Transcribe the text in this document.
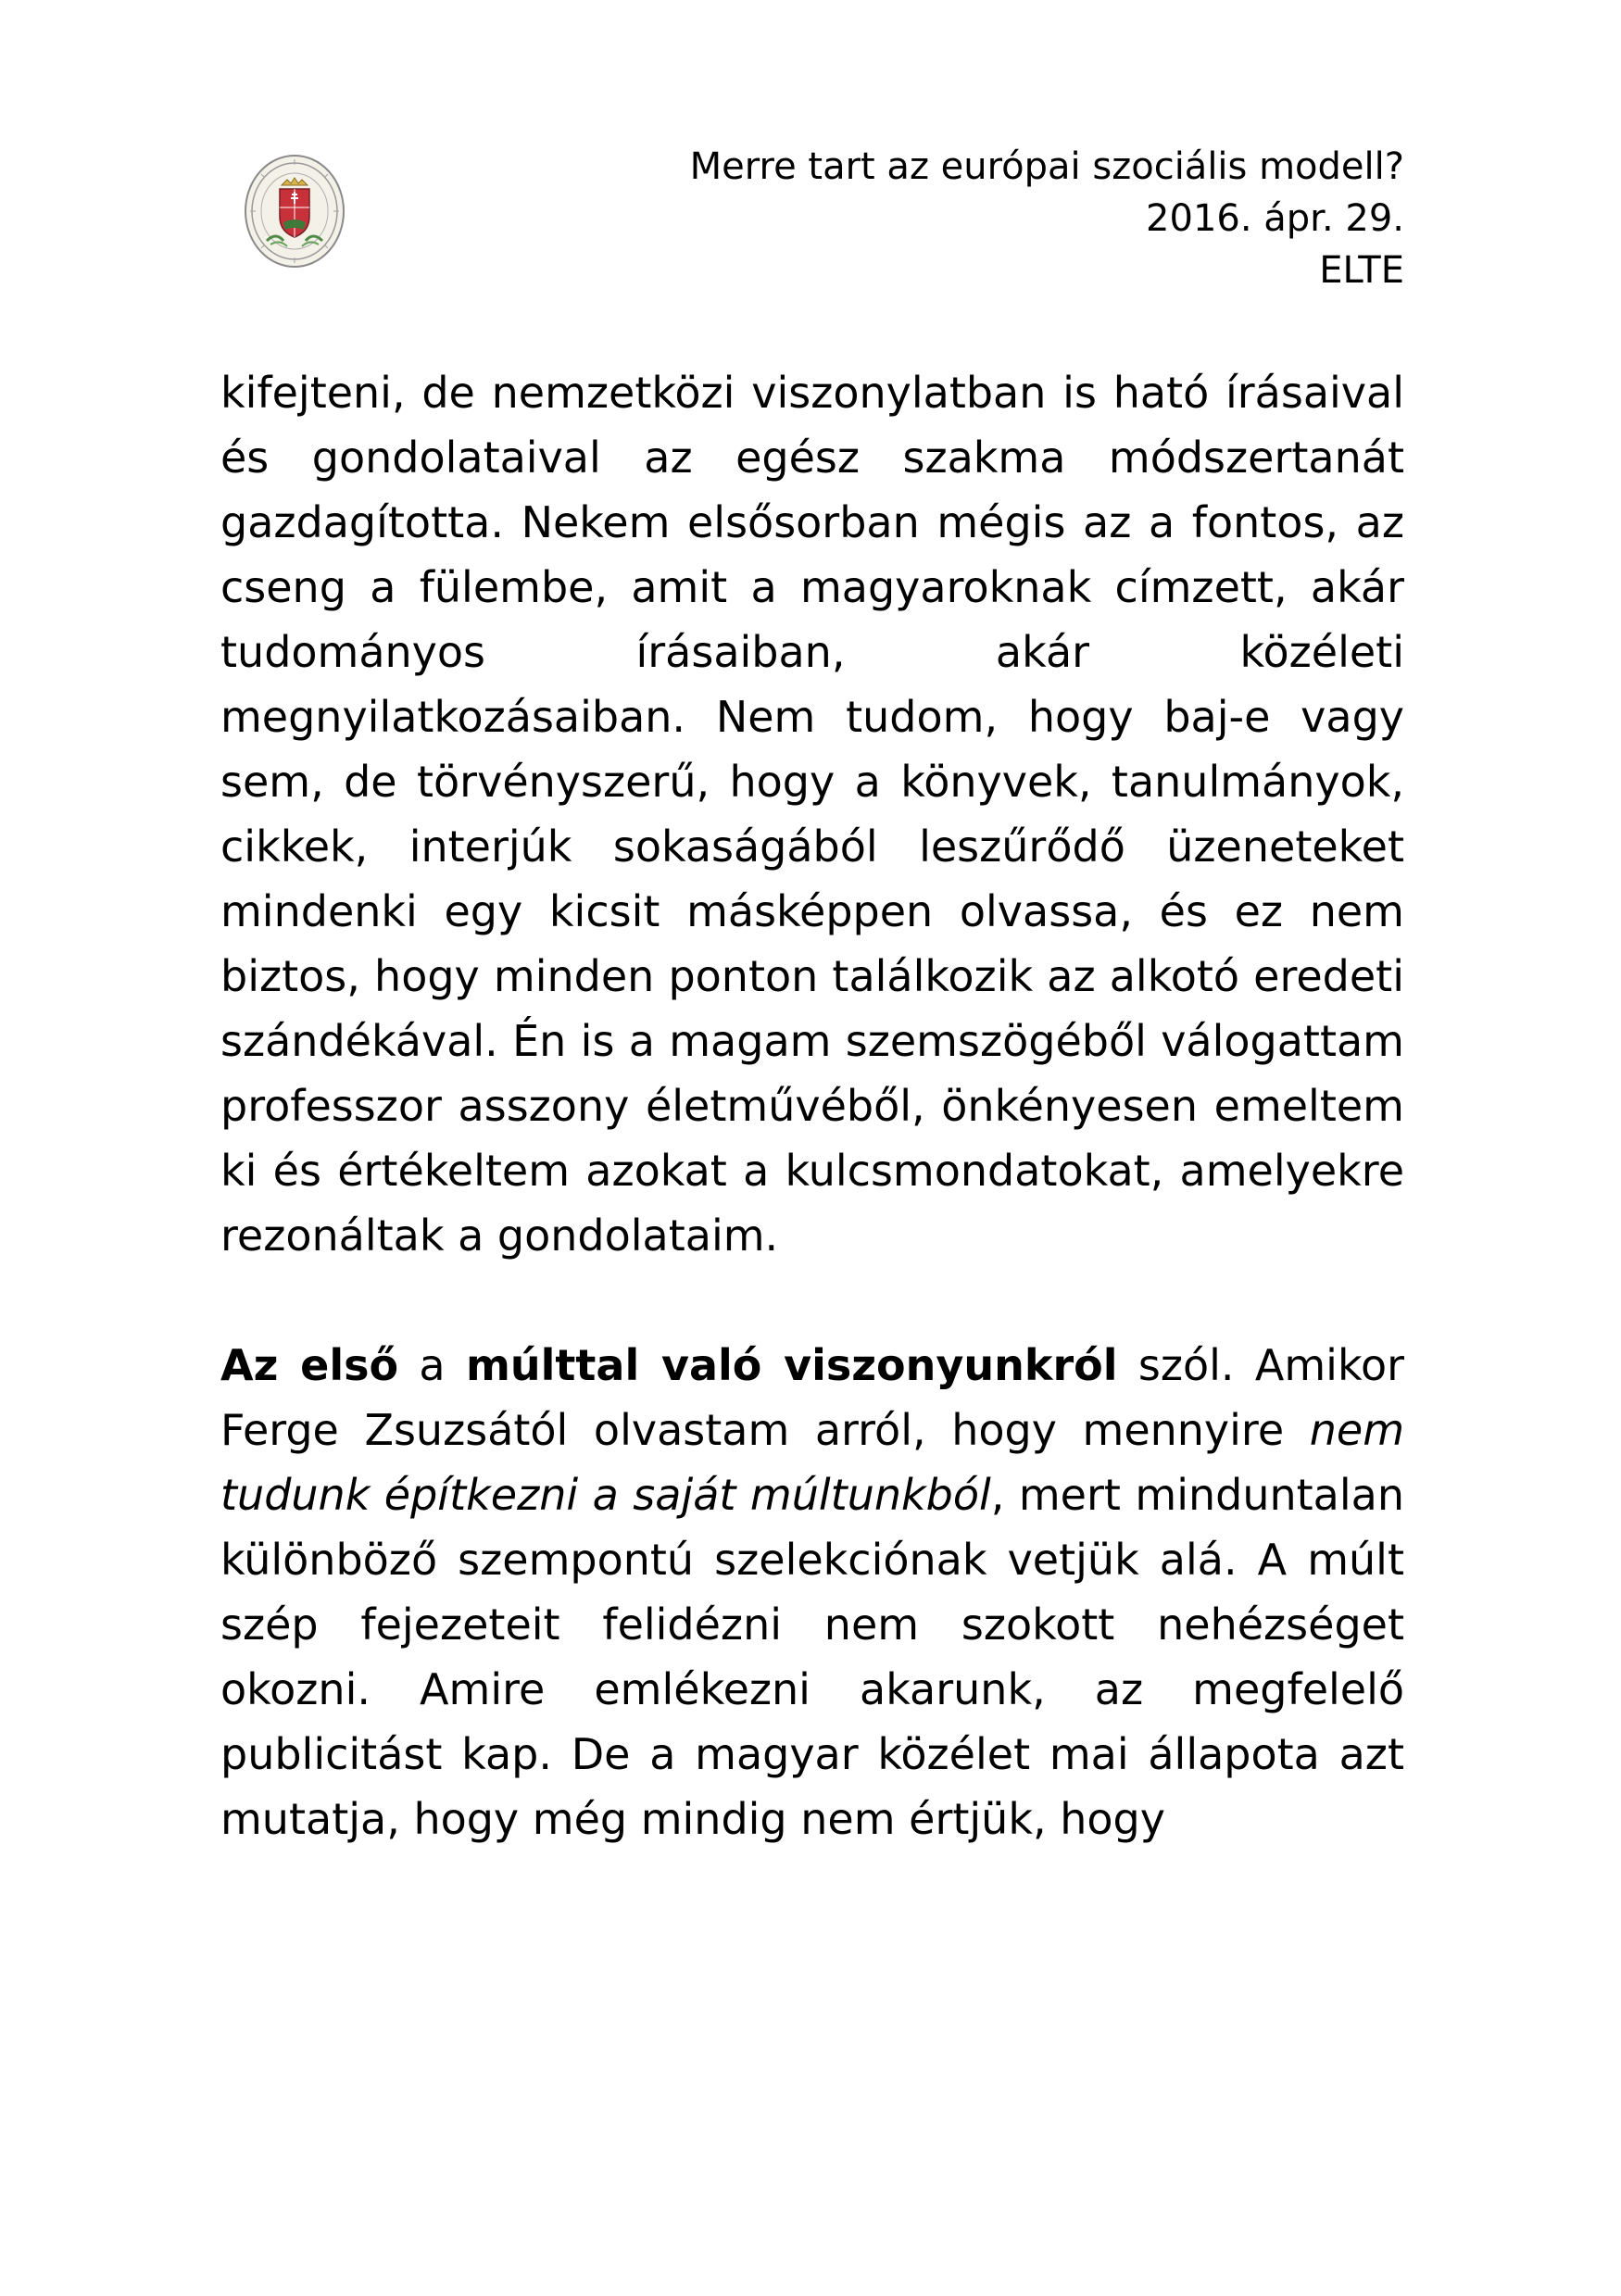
Merre tart az európai szociális modell?
2016. ápr. 29.
ELTE

kifejteni, de nemzetközi viszonylatban is ható írásaival és gondolataival az egész szakma módszertanát gazdagította. Nekem elsősorban mégis az a fontos, az cseng a fülembe, amit a magyaroknak címzett, akár tudományos írásaiban, akár közéleti megnyilatkozásaiban. Nem tudom, hogy baj-e vagy sem, de törvényszerű, hogy a könyvek, tanulmányok, cikkek, interjúk sokaságából leszűrődő üzeneteket mindenki egy kicsit másképpen olvassa, és ez nem biztos, hogy minden ponton találkozik az alkotó eredeti szándékával. Én is a magam szemszögéből válogattam professzor asszony életművéből, önkényesen emeltem ki és értékeltem azokat a kulcsmondatokat, amelyekre rezonáltak a gondolataim.

Az első a múlttal való viszonyunkról szól. Amikor Ferge Zsuzsától olvastam arról, hogy mennyire nem tudunk építkezni a saját múltunkból, mert minduntalan különböző szempontú szelekciónak vetjük alá. A múlt szép fejezeteit felidézni nem szokott nehézséget okozni. Amire emlékezni akarunk, az megfelelő publicitást kap. De a magyar közélet mai állapota azt mutatja, hogy még mindig nem értjük, hogy
